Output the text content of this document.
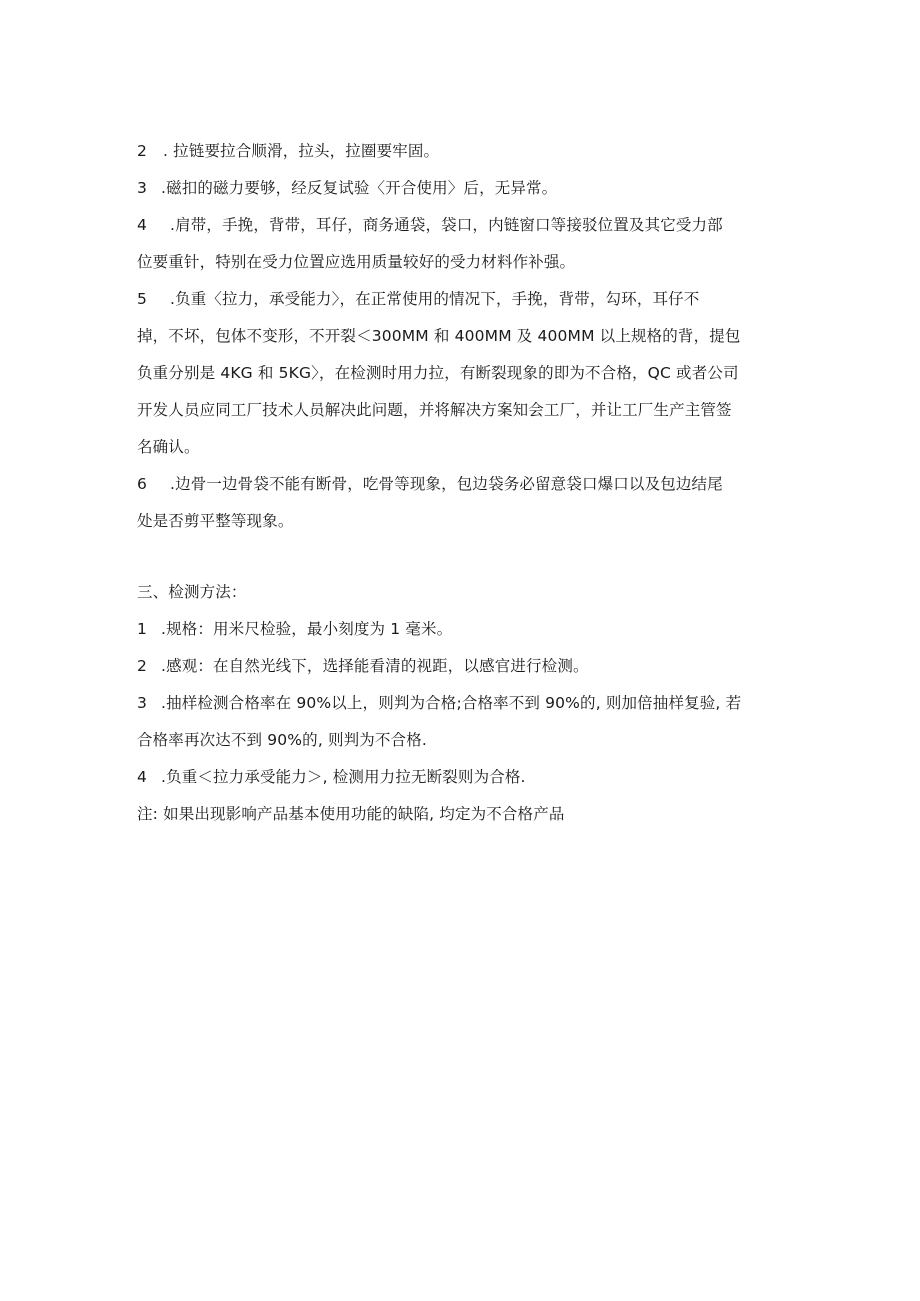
2 . 拉链要拉合顺滑，拉头，拉圈要牢固。
3 .磁扣的磁力要够，经反复试验〈开合使用〉后，无异常。
4 .肩带，手挽，背带，耳仔，商务通袋，袋口，内链窗口等接驳位置及其它受力部
位要重针，特别在受力位置应选用质量较好的受力材料作补强。
5 .负重〈拉力，承受能力〉，在正常使用的情况下，手挽，背带，勾环，耳仔不
掉，不坏，包体不变形，不开裂＜300MM 和 400MM 及 400MM 以上规格的背，提包
负重分别是 4KG 和 5KG〉，在检测时用力拉，有断裂现象的即为不合格，QC 或者公司
开发人员应同工厂技术人员解决此问题，并将解决方案知会工厂，并让工厂生产主管签
名确认。
6 .边骨一边骨袋不能有断骨，吃骨等现象，包边袋务必留意袋口爆口以及包边结尾
处是否剪平整等现象。
三、检测方法：
1 .规格：用米尺检验，最小刻度为 1 毫米。
2 .感观：在自然光线下，选择能看清的视距，以感官进行检测。
3 .抽样检测合格率在 90%以上，则判为合格;合格率不到 90%的, 则加倍抽样复验, 若
合格率再次达不到 90%的, 则判为不合格.
4 .负重＜拉力承受能力＞, 检测用力拉无断裂则为合格.
注: 如果出现影响产品基本使用功能的缺陷, 均定为不合格产品
